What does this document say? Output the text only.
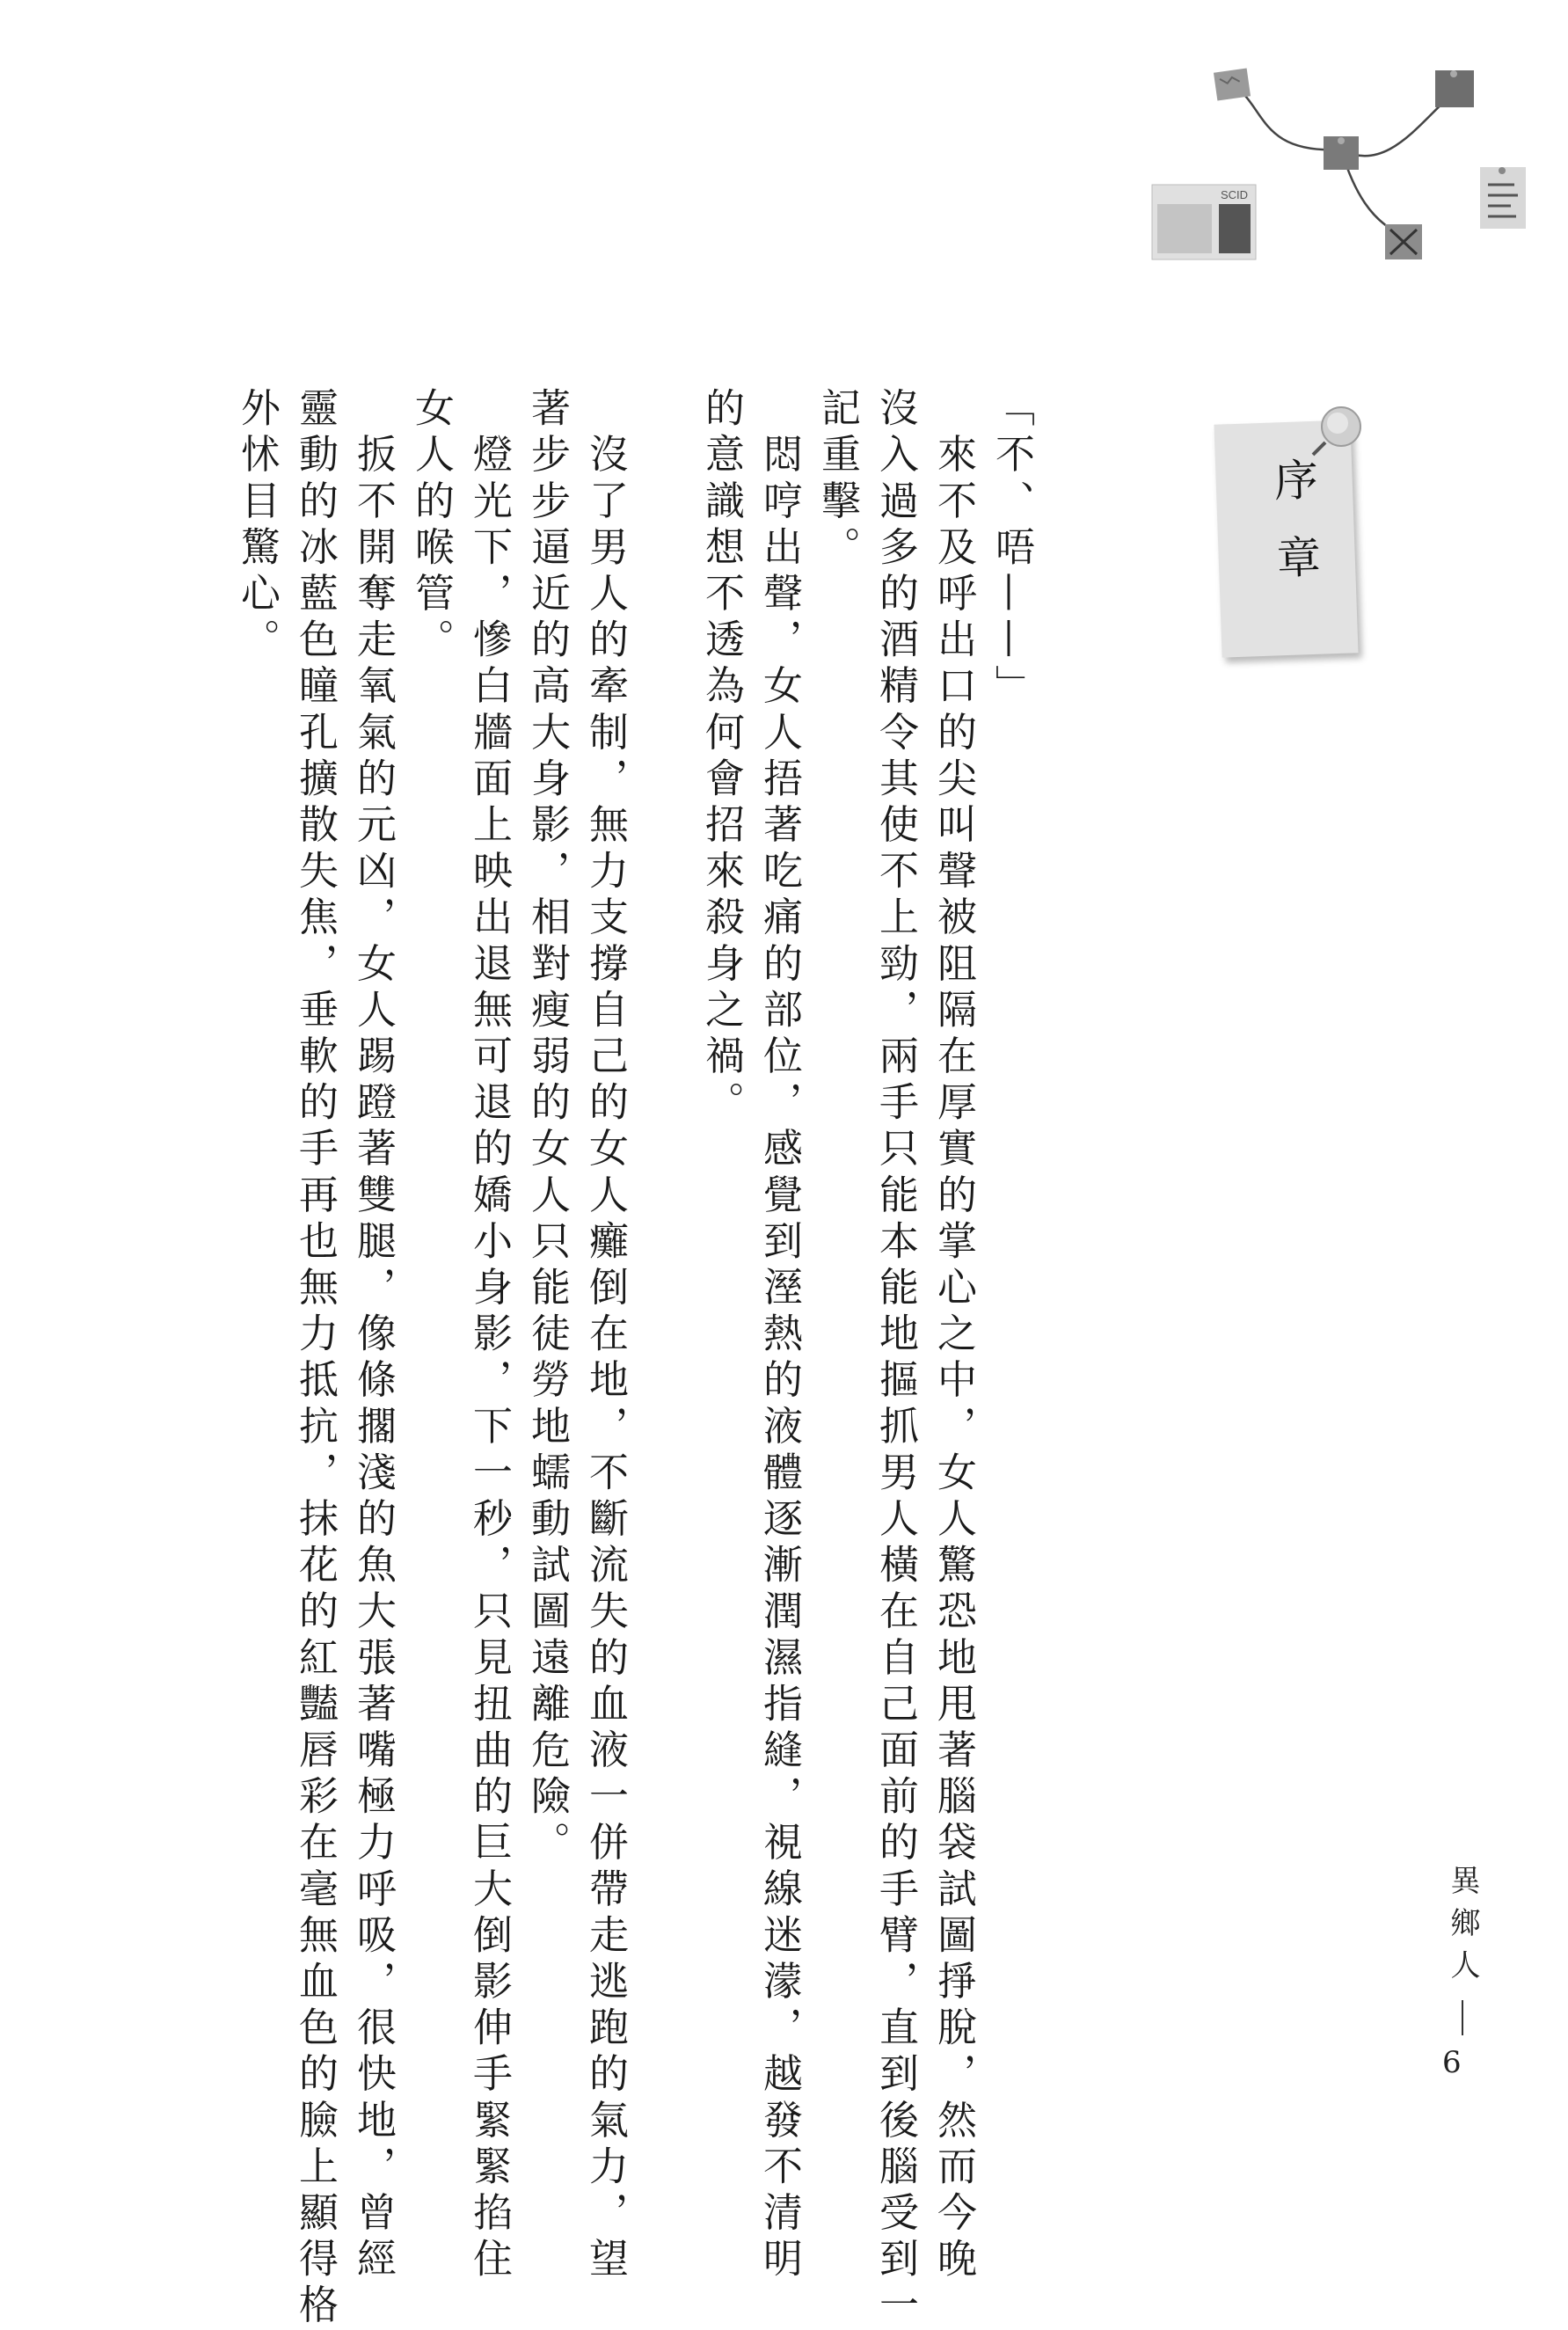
SCID
序章

「不、唔——」

　來不及呼出口的尖叫聲被阻隔在厚實的掌心之中，女人驚恐地甩著腦袋試圖掙脫，然而今晚

沒入過多的酒精令其使不上勁，兩手只能本能地摳抓男人橫在自己面前的手臂，直到後腦受到一

記重擊。

　悶哼出聲，女人捂著吃痛的部位，感覺到溼熱的液體逐漸潤濕指縫，視線迷濛，越發不清明

的意識想不透為何會招來殺身之禍。

　沒了男人的牽制，無力支撐自己的女人癱倒在地，不斷流失的血液一併帶走逃跑的氣力，望

著步步逼近的高大身影，相對瘦弱的女人只能徒勞地蠕動試圖遠離危險。

　燈光下，慘白牆面上映出退無可退的嬌小身影，下一秒，只見扭曲的巨大倒影伸手緊緊掐住

女人的喉管。

　扳不開奪走氧氣的元凶，女人踢蹬著雙腿，像條擱淺的魚大張著嘴極力呼吸，很快地，曾經

靈動的冰藍色瞳孔擴散失焦，垂軟的手再也無力抵抗，抹花的紅豔唇彩在毫無血色的臉上顯得格

外怵目驚心。

異鄉人
6
